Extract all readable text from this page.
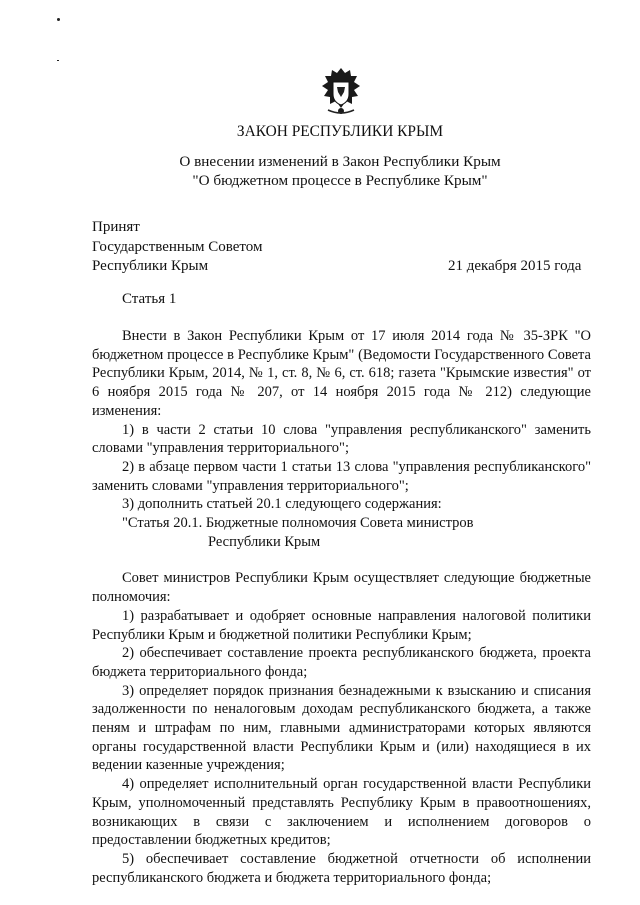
ЗАКОН РЕСПУБЛИКИ КРЫМ
О внесении изменений в Закон Республики Крым
"О бюджетном процессе в Республике Крым"
Принят
Государственным Советом
Республики Крым	21 декабря 2015 года
Статья 1

Внести в Закон Республики Крым от 17 июля 2014 года № 35-ЗРК "О бюджетном процессе в Республике Крым" (Ведомости Государственного Совета Республики Крым, 2014, № 1, ст. 8, № 6, ст. 618; газета "Крымские известия" от 6 ноября 2015 года № 207, от 14 ноября 2015 года № 212) следующие изменения:

1) в части 2 статьи 10 слова "управления республиканского" заменить словами "управления территориального";

2) в абзаце первом части 1 статьи 13 слова "управления республиканского" заменить словами "управления территориального";

3) дополнить статьей 20.1 следующего содержания:

"Статья 20.1. Бюджетные полномочия Совета министров

Республики Крым

Совет министров Республики Крым осуществляет следующие бюджетные полномочия:

1) разрабатывает и одобряет основные направления налоговой политики Республики Крым и бюджетной политики Республики Крым;

2) обеспечивает составление проекта республиканского бюджета, проекта бюджета территориального фонда;

3) определяет порядок признания безнадежными к взысканию и списания задолженности по неналоговым доходам республиканского бюджета, а также пеням и штрафам по ним, главными администраторами которых являются органы государственной власти Республики Крым и (или) находящиеся в их ведении казенные учреждения;

4) определяет исполнительный орган государственной власти Республики Крым, уполномоченный представлять Республику Крым в правоотношениях, возникающих в связи с заключением и исполнением договоров о предоставлении бюджетных кредитов;

5) обеспечивает составление бюджетной отчетности об исполнении республиканского бюджета и бюджета территориального фонда;
